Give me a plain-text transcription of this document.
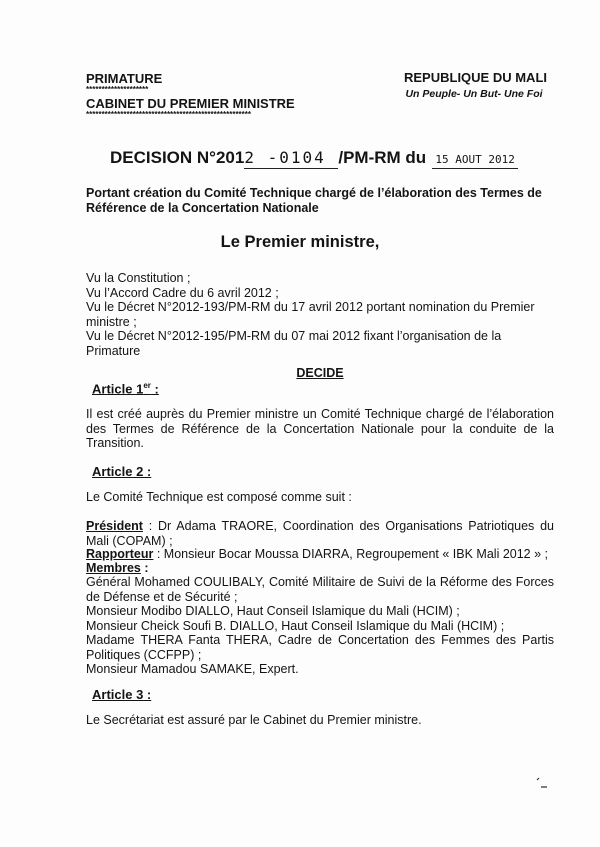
PRIMATURE
********************
CABINET DU PREMIER MINISTRE
*****************************************************
REPUBLIQUE DU MALI
Un Peuple- Un But- Une Foi
DECISION N°2012 -0104 /PM-RM du 15 AOUT 2012
Portant création du Comité Technique chargé de l’élaboration des Termes de Référence de la Concertation Nationale
Le Premier ministre,
Vu la Constitution ;
Vu l’Accord Cadre du 6 avril 2012 ;
Vu le Décret N°2012-193/PM-RM du 17 avril 2012 portant nomination du Premier ministre ;
Vu le Décret N°2012-195/PM-RM du 07 mai 2012 fixant l’organisation de la Primature
DECIDE
Article 1er :
Il est créé auprès du Premier ministre un Comité Technique chargé de l’élaboration des Termes de Référence de la Concertation Nationale pour la conduite de la Transition.
Article 2 :
Le Comité Technique est composé comme suit :
Président : Dr Adama TRAORE, Coordination des Organisations Patriotiques du Mali (COPAM) ;
Rapporteur : Monsieur Bocar Moussa DIARRA, Regroupement « IBK Mali 2012 » ;
Membres :
Général Mohamed COULIBALY, Comité Militaire de Suivi de la Réforme des Forces de Défense et de Sécurité ;
Monsieur Modibo DIALLO, Haut Conseil Islamique du Mali (HCIM) ;
Monsieur Cheick Soufi B. DIALLO, Haut Conseil Islamique du Mali (HCIM) ;
Madame THERA Fanta THERA, Cadre de Concertation des Femmes des Partis Politiques (CCFPP) ;
Monsieur Mamadou SAMAKE, Expert.
Article 3 :
Le Secrétariat est assuré par le Cabinet du Premier ministre.
